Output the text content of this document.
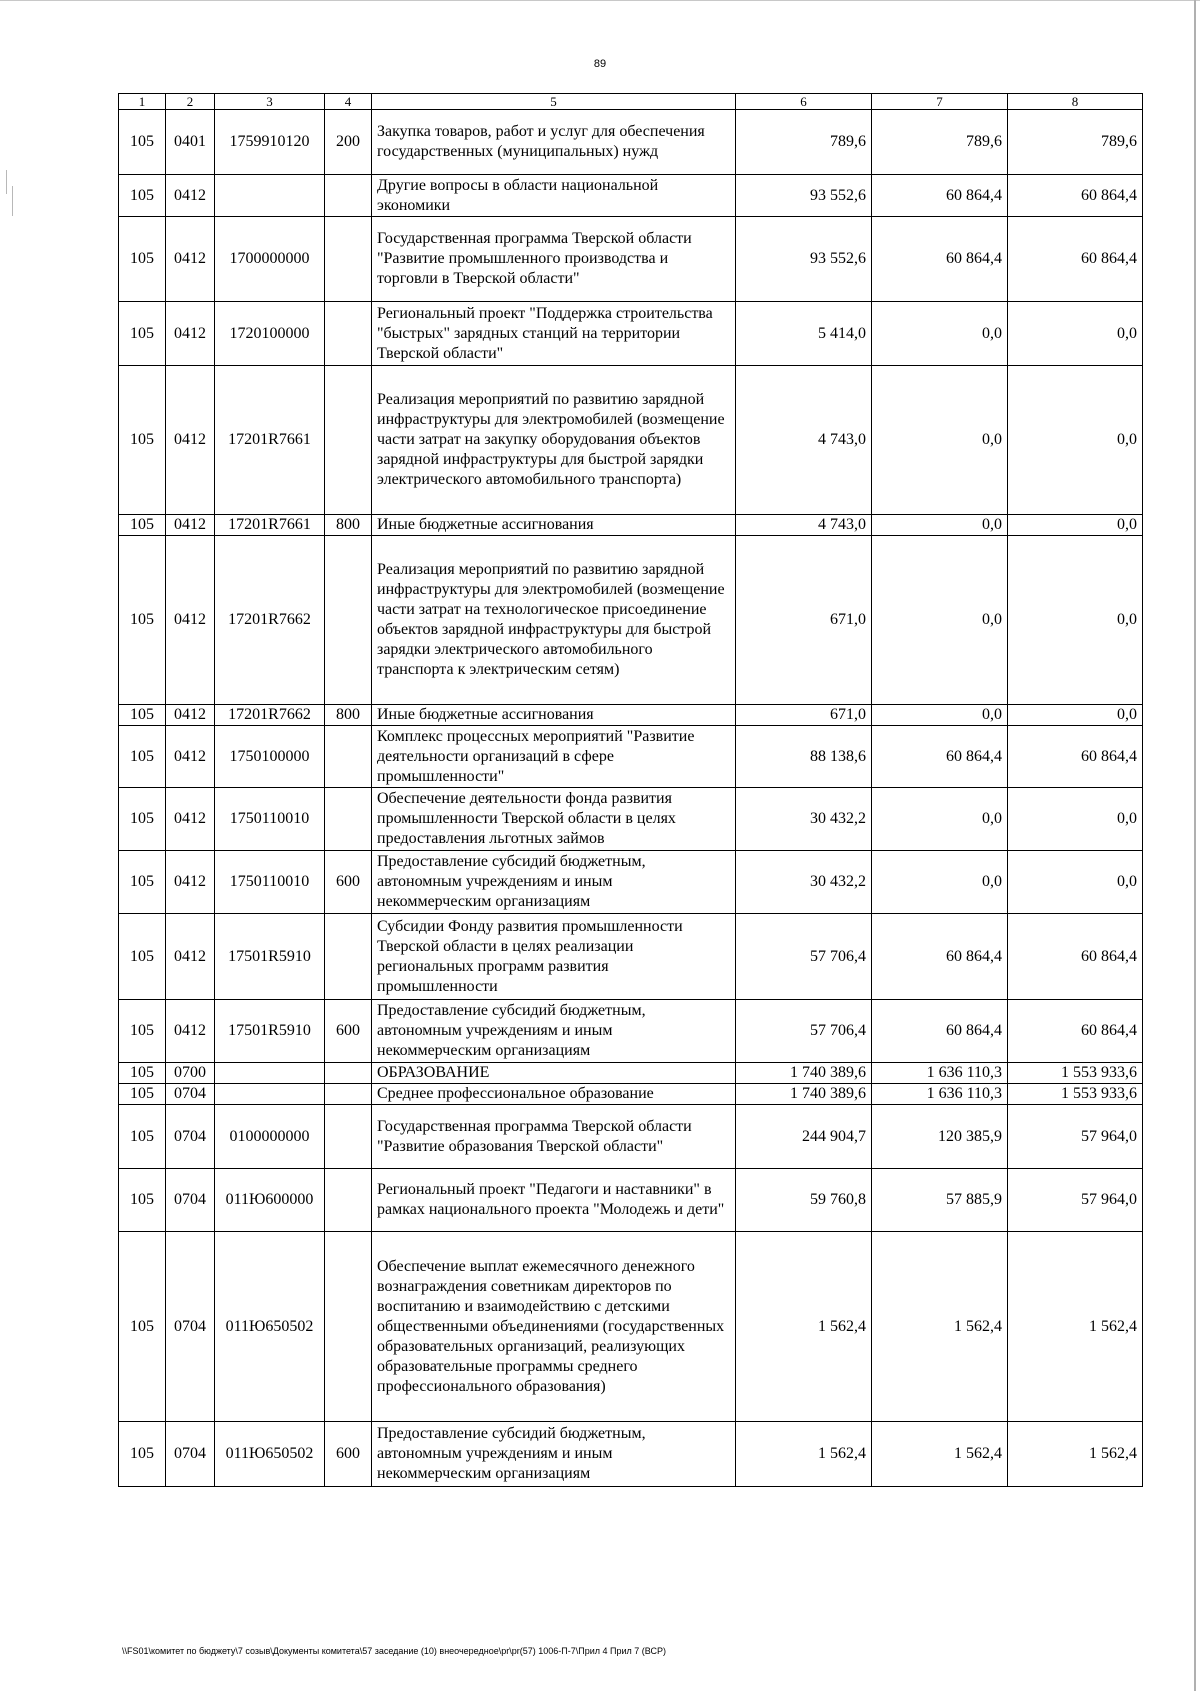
89
1	2	3	4	5	6	7	8
105	0401	1759910120	200	Закупка товаров, работ и услуг для обеспечения государственных (муниципальных) нужд	789,6	789,6	789,6
105	0412			Другие вопросы в области национальной экономики	93 552,6	60 864,4	60 864,4
105	0412	1700000000		Государственная программа Тверской области "Развитие промышленного производства и торговли в Тверской области"	93 552,6	60 864,4	60 864,4
105	0412	1720100000		Региональный проект "Поддержка строительства "быстрых" зарядных станций на территории Тверской области"	5 414,0	0,0	0,0
105	0412	17201R7661		Реализация мероприятий по развитию зарядной инфраструктуры для электромобилей (возмещение части затрат на закупку оборудования объектов зарядной инфраструктуры для быстрой зарядки электрического автомобильного транспорта)	4 743,0	0,0	0,0
105	0412	17201R7661	800	Иные бюджетные ассигнования	4 743,0	0,0	0,0
105	0412	17201R7662		Реализация мероприятий по развитию зарядной инфраструктуры для электромобилей (возмещение части затрат на технологическое присоединение объектов зарядной инфраструктуры для быстрой зарядки электрического автомобильного транспорта к электрическим сетям)	671,0	0,0	0,0
105	0412	17201R7662	800	Иные бюджетные ассигнования	671,0	0,0	0,0
105	0412	1750100000		Комплекс процессных мероприятий "Развитие деятельности организаций в сфере промышленности"	88 138,6	60 864,4	60 864,4
105	0412	1750110010		Обеспечение деятельности фонда развития промышленности Тверской области в целях предоставления льготных займов	30 432,2	0,0	0,0
105	0412	1750110010	600	Предоставление субсидий бюджетным, автономным учреждениям и иным некоммерческим организациям	30 432,2	0,0	0,0
105	0412	17501R5910		Субсидии Фонду развития промышленности Тверской области в целях реализации региональных программ развития промышленности	57 706,4	60 864,4	60 864,4
105	0412	17501R5910	600	Предоставление субсидий бюджетным, автономным учреждениям и иным некоммерческим организациям	57 706,4	60 864,4	60 864,4
105	0700			ОБРАЗОВАНИЕ	1 740 389,6	1 636 110,3	1 553 933,6
105	0704			Среднее профессиональное образование	1 740 389,6	1 636 110,3	1 553 933,6
105	0704	0100000000		Государственная программа Тверской области "Развитие образования Тверской области"	244 904,7	120 385,9	57 964,0
105	0704	011Ю600000		Региональный проект "Педагоги и наставники" в рамках национального проекта "Молодежь и дети"	59 760,8	57 885,9	57 964,0
105	0704	011Ю650502		Обеспечение выплат ежемесячного денежного вознаграждения советникам директоров по воспитанию и взаимодействию с детскими общественными объединениями (государственных образовательных организаций, реализующих образовательные программы среднего профессионального образования)	1 562,4	1 562,4	1 562,4
105	0704	011Ю650502	600	Предоставление субсидий бюджетным, автономным учреждениям и иным некоммерческим организациям	1 562,4	1 562,4	1 562,4
\\FS01\комитет по бюджету\7 созыв\Документы комитета\57 заседание (10) внеочередное\pr\pr(57) 1006-П-7\Прил 4 Прил 7 (ВСР)
